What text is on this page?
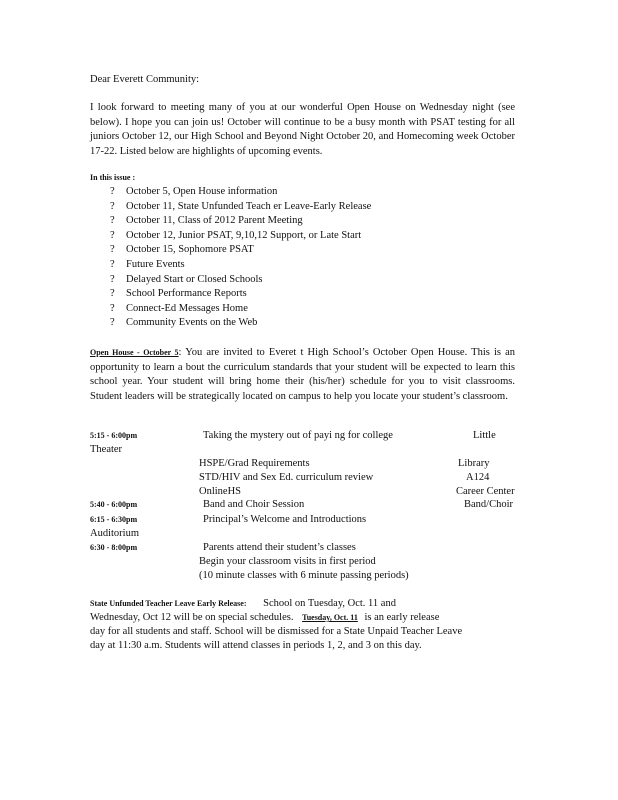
Dear Everett Community:
I look forward to meeting many of you at our wonderful Open House on Wednesday night (see below). I hope you can join us! October will continue to be a busy month with PSAT testing for all juniors October 12, our High School and Beyond Night October 20, and Homecoming week October 17-22. Listed below are highlights of upcoming events.
In this issue :
? October 5, Open House information
? October 11, State Unfunded Teach er Leave-Early Release
? October 11, Class of 2012 Parent Meeting
? October 12, Junior PSAT, 9,10,12 Support, or Late Start
? October 15, Sophomore PSAT
? Future Events
? Delayed Start or Closed Schools
? School Performance Reports
? Connect-Ed Messages Home
? Community Events on the Web
Open House - October 5: You are invited to Everet t High School’s October Open House. This is an opportunity to learn a bout the curriculum standards that your student will be expected to learn this school year. Your student will bring home their (his/her) schedule for you to visit classrooms. Student leaders will be strategically located on campus to help you locate your student’s classroom.
5:15 - 6:00pm	Taking the mystery out of payi ng for college	Little
Theater
HSPE/Grad Requirements	Library
STD/HIV and Sex Ed. curriculum review	A124
OnlineHS	Career Center
5:40 - 6:00pm	Band and Choir Session	Band/Choir
6:15 - 6:30pm	Principal’s Welcome and Introductions
Auditorium
6:30 - 8:00pm	Parents attend their student’s classes
Begin your classroom visits in first period
(10 minute classes with 6 minute passing periods)
State Unfunded Teacher Leave Early Release: School on Tuesday, Oct. 11 and
Wednesday, Oct 12 will be on special schedules. Tuesday, Oct. 11 is an early release
day for all students and staff. School will be dismissed for a State Unpaid Teacher Leave
day at 11:30 a.m. Students will attend classes in periods 1, 2, and 3 on this day.
